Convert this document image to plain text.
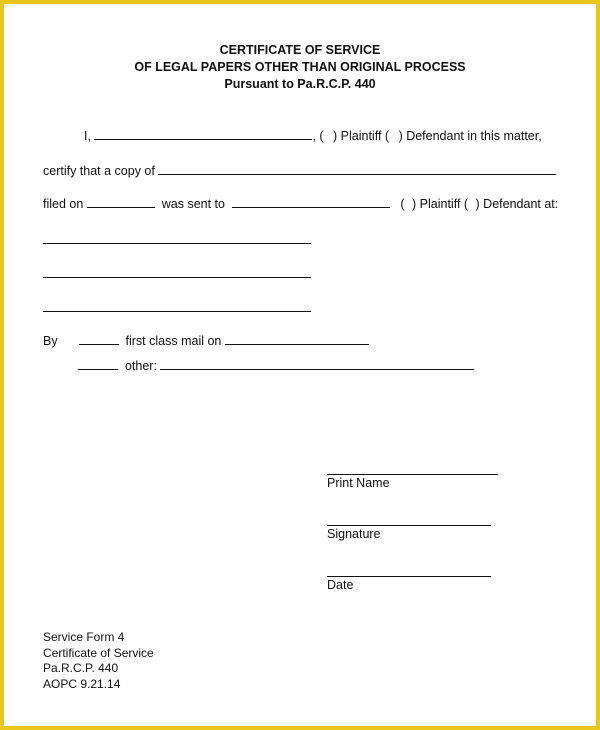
CERTIFICATE OF SERVICE
OF LEGAL PAPERS OTHER THAN ORIGINAL PROCESS
Pursuant to Pa.R.C.P. 440
I,	, ( ) Plaintiff ( ) Defendant in this matter,
certify that a copy of
filed on	was sent to	( ) Plaintiff ( ) Defendant at:
By	first class mail on
other:
Print Name
Signature
Date
Service Form 4
Certificate of Service
Pa.R.C.P. 440
AOPC 9.21.14
